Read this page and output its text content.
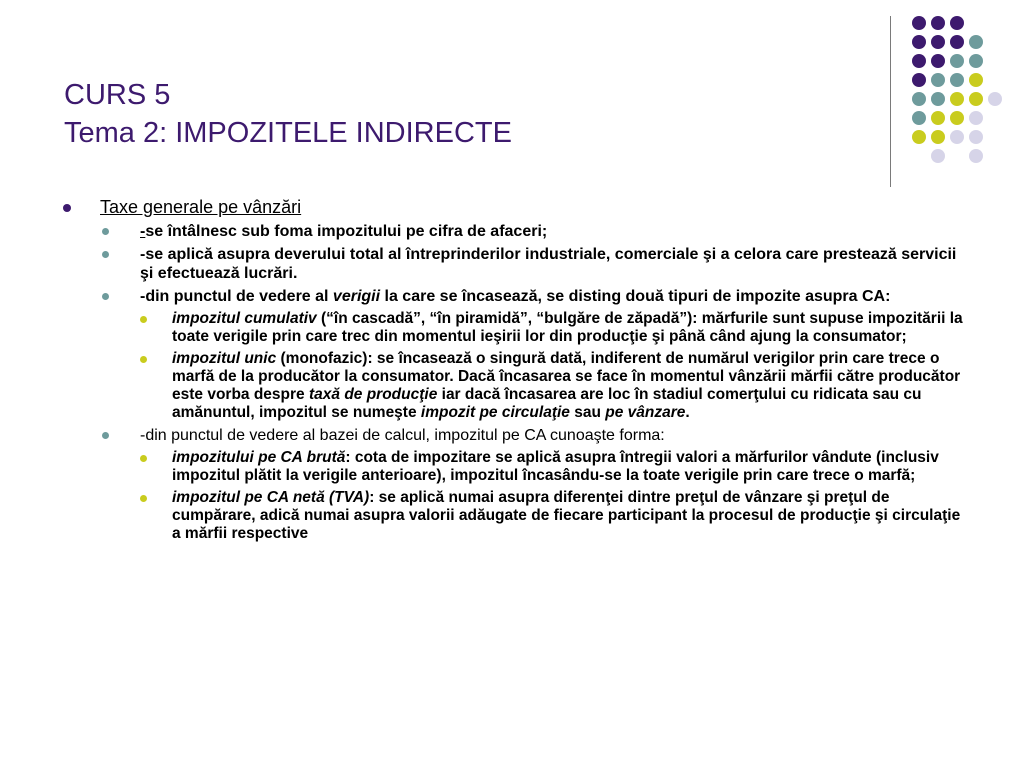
CURS 5
Tema 2: IMPOZITELE INDIRECTE
Taxe generale pe vânzări
-se întâlnesc sub foma impozitului pe cifra de afaceri;
-se aplică asupra deverului total al întreprinderilor industriale, comerciale şi a celora care prestează servicii şi efectuează lucrări.
-din punctul de vedere al verigii la care se încasează, se disting două tipuri de impozite asupra CA:
impozitul cumulativ (“în cascadă”, “în piramidă”, “bulgăre de zăpadă”): mărfurile sunt supuse impozitării la toate verigile prin care trec din momentul ieşirii lor din producţie şi până când ajung la consumator;
impozitul unic (monofazic): se încasează o singură dată, indiferent de numărul verigilor prin care trece o marfă de la producător la consumator. Dacă încasarea se face în momentul vânzării mărfii către producător este vorba despre taxă de producţie iar dacă încasarea are loc în stadiul comerţului cu ridicata sau cu amănuntul, impozitul se numeşte impozit pe circulaţie sau pe vânzare.
-din punctul de vedere al bazei de calcul, impozitul pe CA cunoaşte forma:
impozitului pe CA brută: cota de impozitare se aplică asupra întregii valori a mărfurilor vândute (inclusiv impozitul plătit la verigile anterioare), impozitul încasându-se la toate verigile prin care trece o marfă;
impozitul pe CA netă (TVA): se aplică numai asupra diferenţei dintre preţul de vânzare şi preţul de cumpărare, adică numai asupra valorii adăugate de fiecare participant la procesul de producţie şi circulaţie a mărfii respective
